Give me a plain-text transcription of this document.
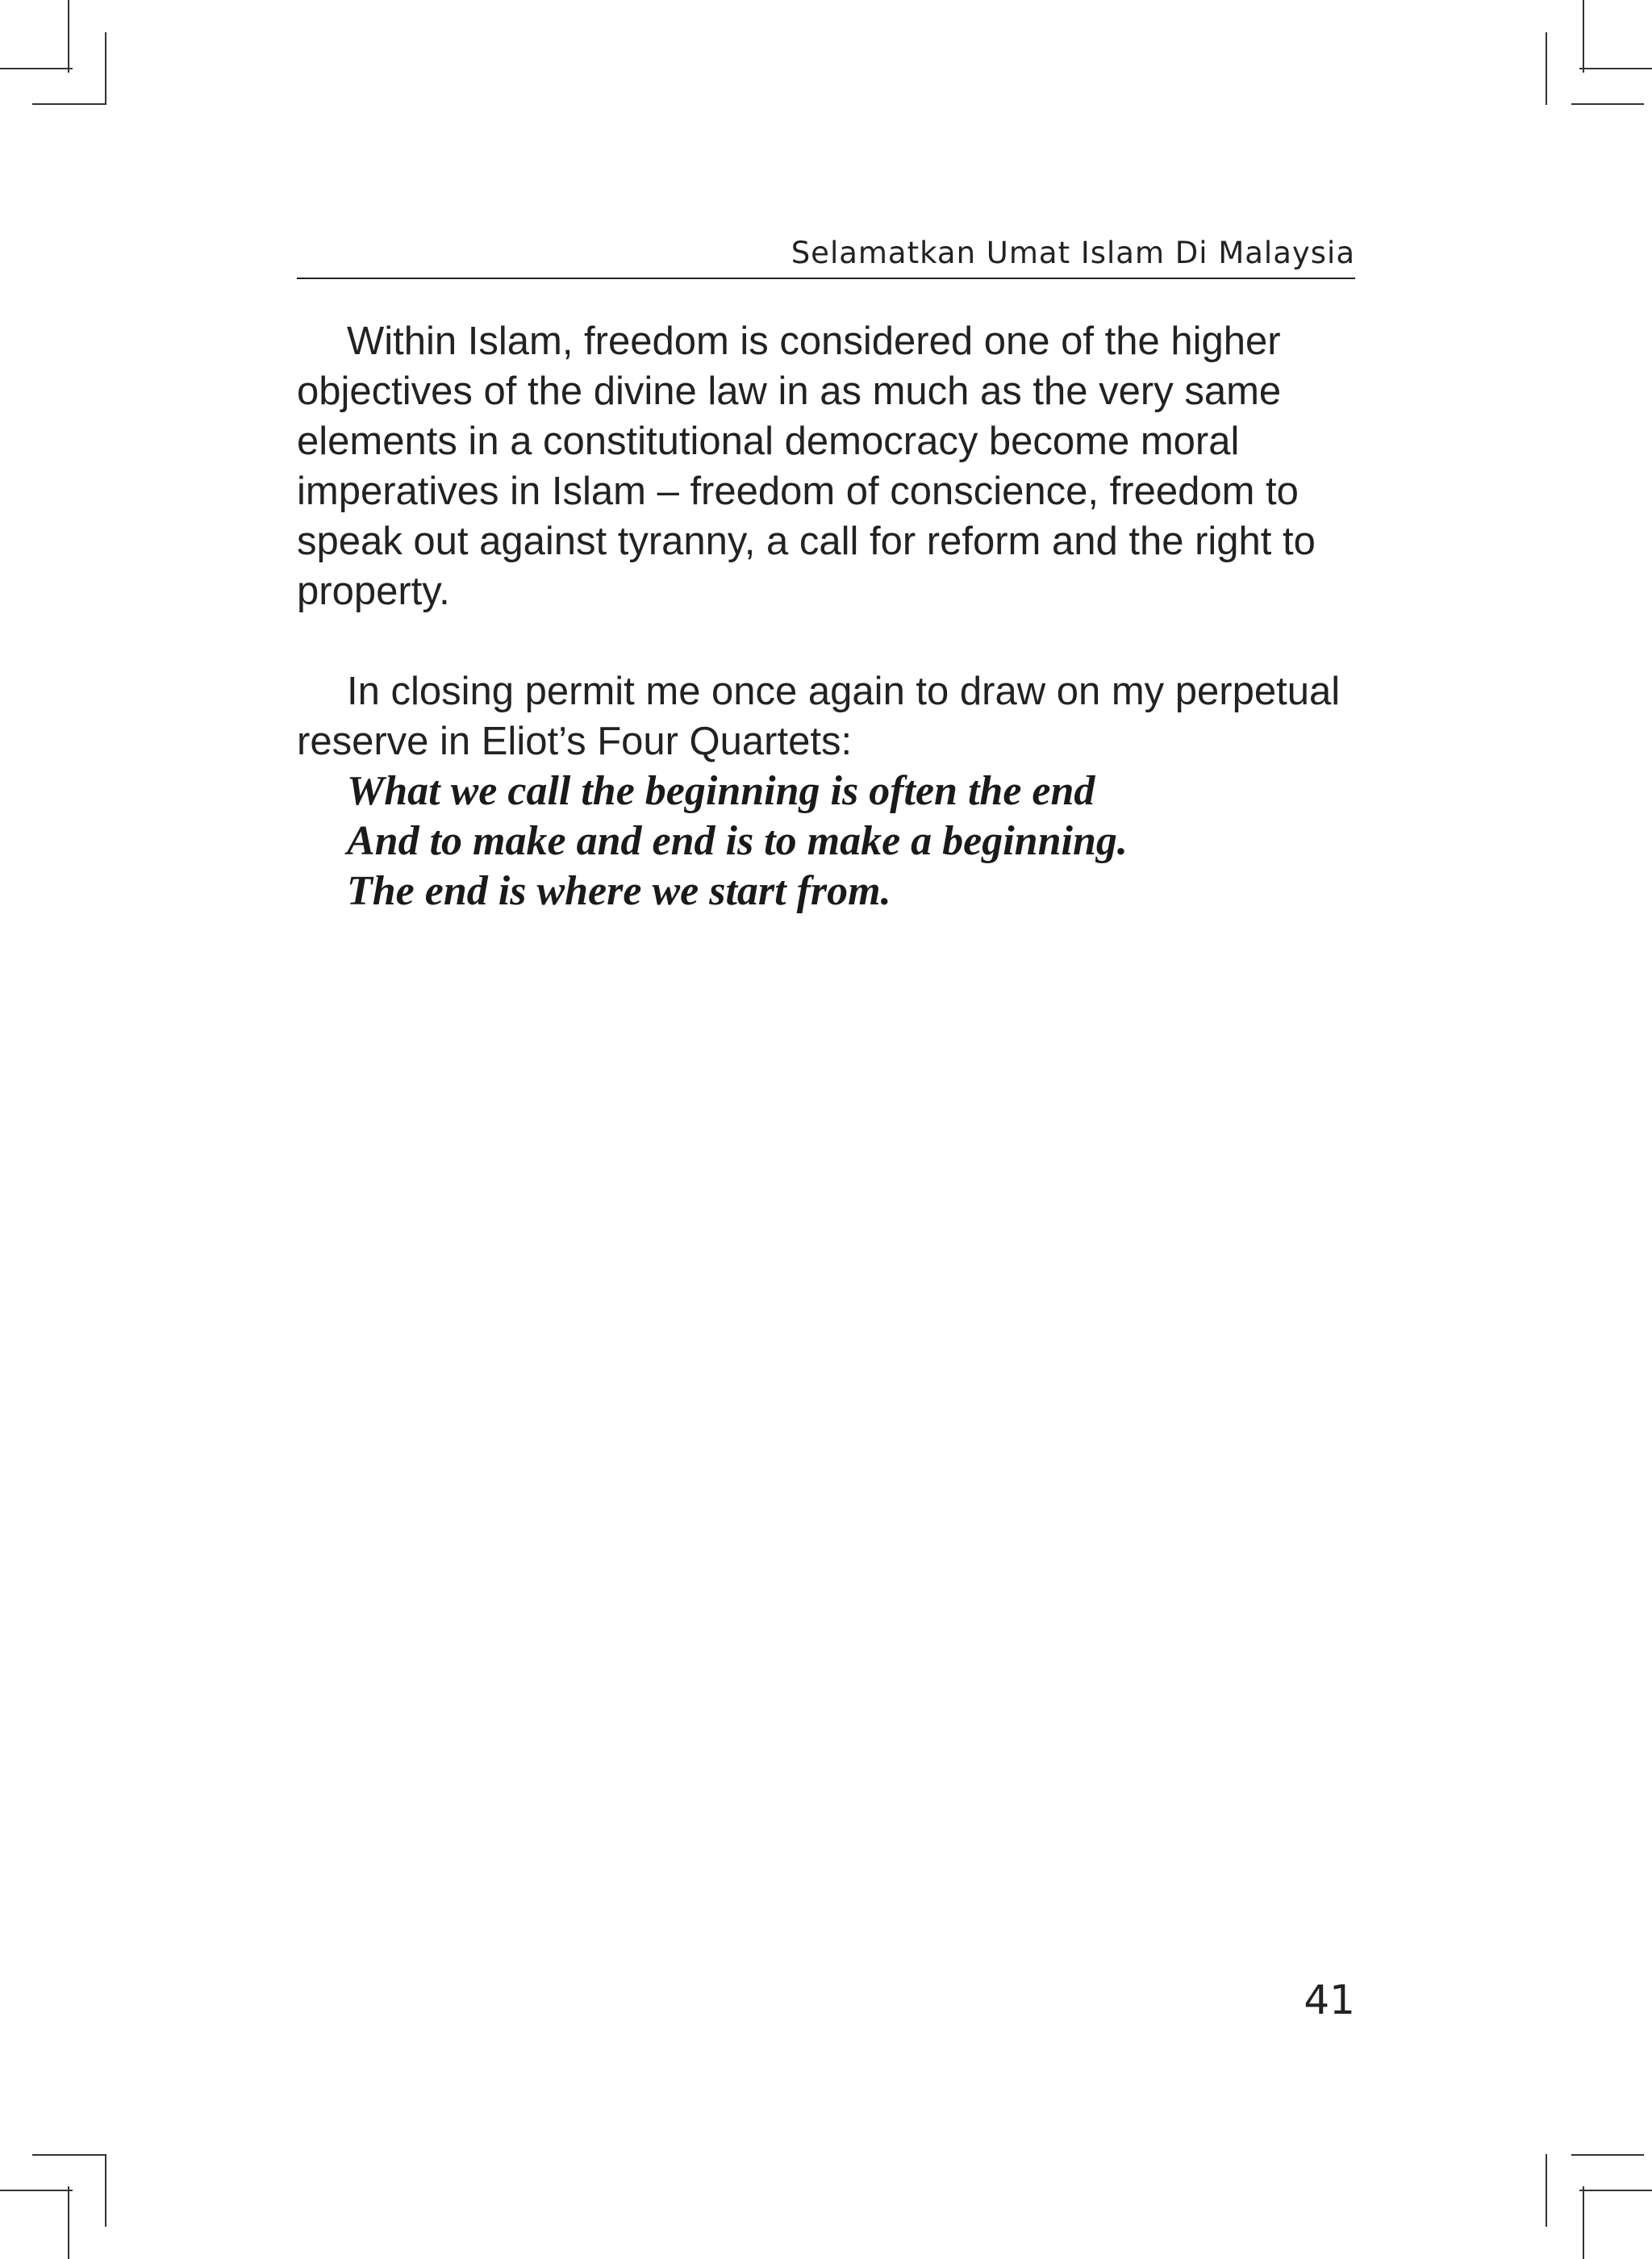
Selamatkan Umat Islam Di Malaysia

Within Islam, freedom is considered one of the higher objectives of the divine law in as much as the very same elements in a constitutional democracy become moral imperatives in Islam – freedom of conscience, freedom to speak out against tyranny, a call for reform and the right to property.

In closing permit me once again to draw on my perpetual reserve in Eliot’s Four Quartets:

What we call the beginning is often the end
And to make and end is to make a beginning.
The end is where we start from.

41
